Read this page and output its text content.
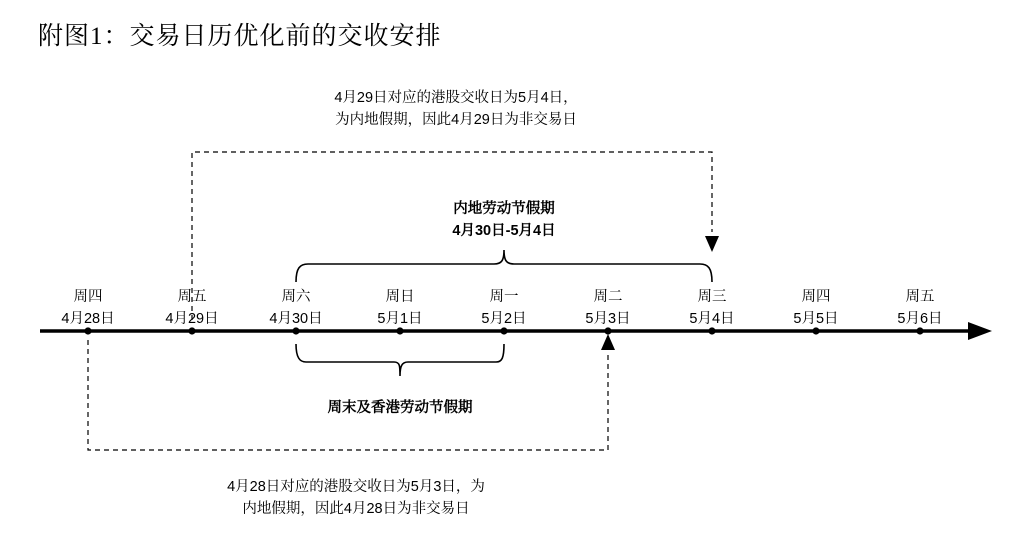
附图1：交易日历优化前的交收安排
4月29日对应的港股交收日为5月4日，
为内地假期，因此4月29日为非交易日
内地劳动节假期
4月30日-5月4日
周末及香港劳动节假期
4月28日对应的港股交收日为5月3日，为
内地假期，因此4月28日为非交易日
周四
4月28日
周五
4月29日
周六
4月30日
周日
5月1日
周一
5月2日
周二
5月3日
周三
5月4日
周四
5月5日
周五
5月6日
